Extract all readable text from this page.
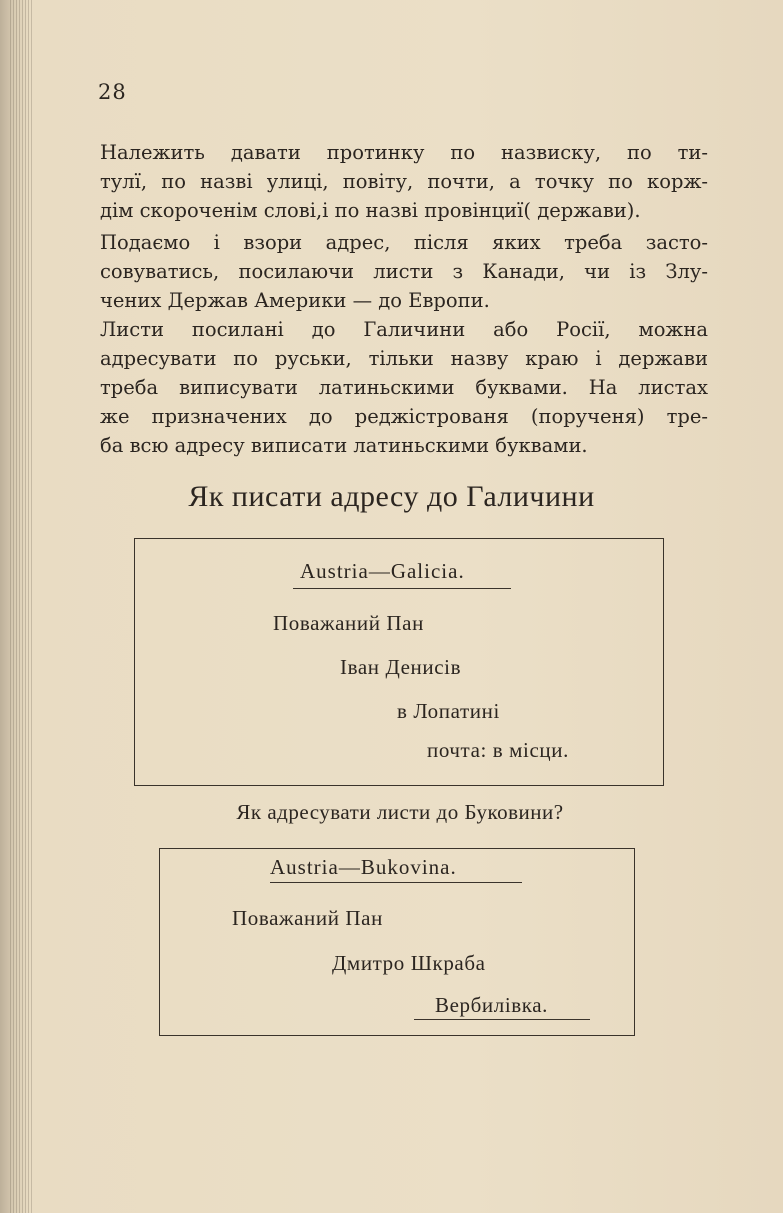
28
Належить давати протинку по назвиску, по ти-
тулї, по назві улиці, повіту, почти, а точку по корж-
дім скороченім слові,і по назві провінциї( держави).
Подаємо і взори адрес, після яких треба засто-
совуватись, посилаючи листи з Канади, чи із Злу-
чених Держав Америки — до Европи.
Листи посилані до Галичини або Росії, можна
адресувати по руськи, тільки назву краю і держави
треба виписувати латиньскими буквами. На листах
же призначених до реджістрованя (порученя) тре-
ба всю адресу виписати латиньскими буквами.
Як писати адресу до Галичини
Austria—Galicia.
Поважаний Пан
Іван Денисів
в Лопатині
почта: в місци.
Як адресувати листи до Буковини?
Austria—Bukovina.
Поважаний Пан
Дмитро Шкраба
Вербилівка.
